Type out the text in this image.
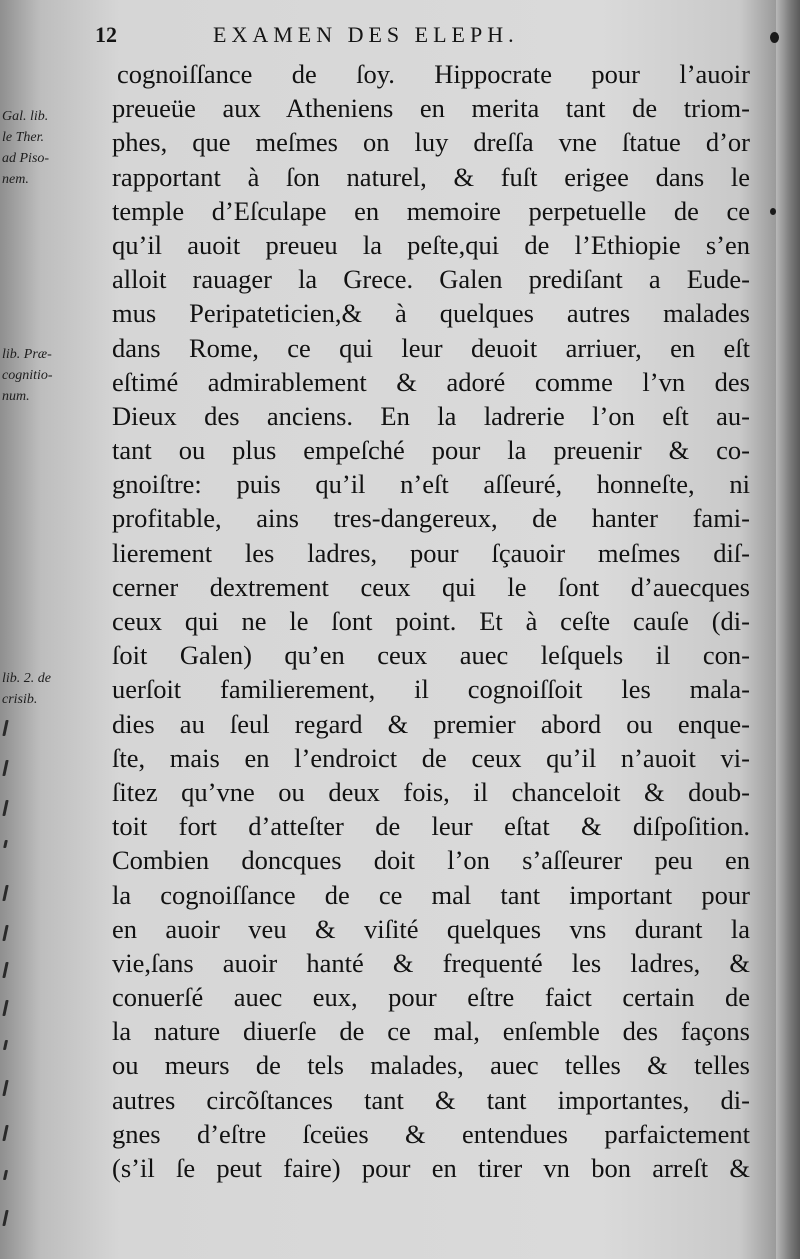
12	EXAMEN DES ELEPH.
Gal. lib.
le Ther.
ad Piso-
nem.
lib. Præ-
cognitio-
num.
lib. 2. de
crisib.
cognoiſſance de ſoy. Hippocrate pour l’auoir
preueüe aux Atheniens en merita tant de triom-
phes, que meſmes on luy dreſſa vne ſtatue d’or
rapportant à ſon naturel, & fuſt erigee dans le
temple d’Eſculape en memoire perpetuelle de ce
qu’il auoit preueu la peſte,qui de l’Ethiopie s’en
alloit rauager la Grece. Galen prediſant a Eude-
mus Peripateticien,& à quelques autres malades
dans Rome, ce qui leur deuoit arriuer, en eſt
eſtimé admirablement & adoré comme l’vn des
Dieux des anciens. En la ladrerie l’on eſt au-
tant ou plus empeſché pour la preuenir & co-
gnoiſtre: puis qu’il n’eſt aſſeuré, honneſte, ni
profitable, ains tres-dangereux, de hanter fami-
lierement les ladres, pour ſçauoir meſmes diſ-
cerner dextrement ceux qui le ſont d’auecques
ceux qui ne le ſont point. Et à ceſte cauſe (di-
ſoit Galen) qu’en ceux auec leſquels il con-
uerſoit familierement, il cognoiſſoit les mala-
dies au ſeul regard & premier abord ou enque-
ſte, mais en l’endroict de ceux qu’il n’auoit vi-
ſitez qu’vne ou deux fois, il chanceloit & doub-
toit fort d’atteſter de leur eſtat & diſpoſition.
Combien doncques doit l’on s’aſſeurer peu en
la cognoiſſance de ce mal tant important pour
en auoir veu & viſité quelques vns durant la
vie,ſans auoir hanté & frequenté les ladres, &
conuerſé auec eux, pour eſtre faict certain de
la nature diuerſe de ce mal, enſemble des façons
ou meurs de tels malades, auec telles & telles
autres circõſtances tant & tant importantes, di-
gnes d’eſtre ſceües & entendues parfaictement
(s’il ſe peut faire) pour en tirer vn bon arreſt &
